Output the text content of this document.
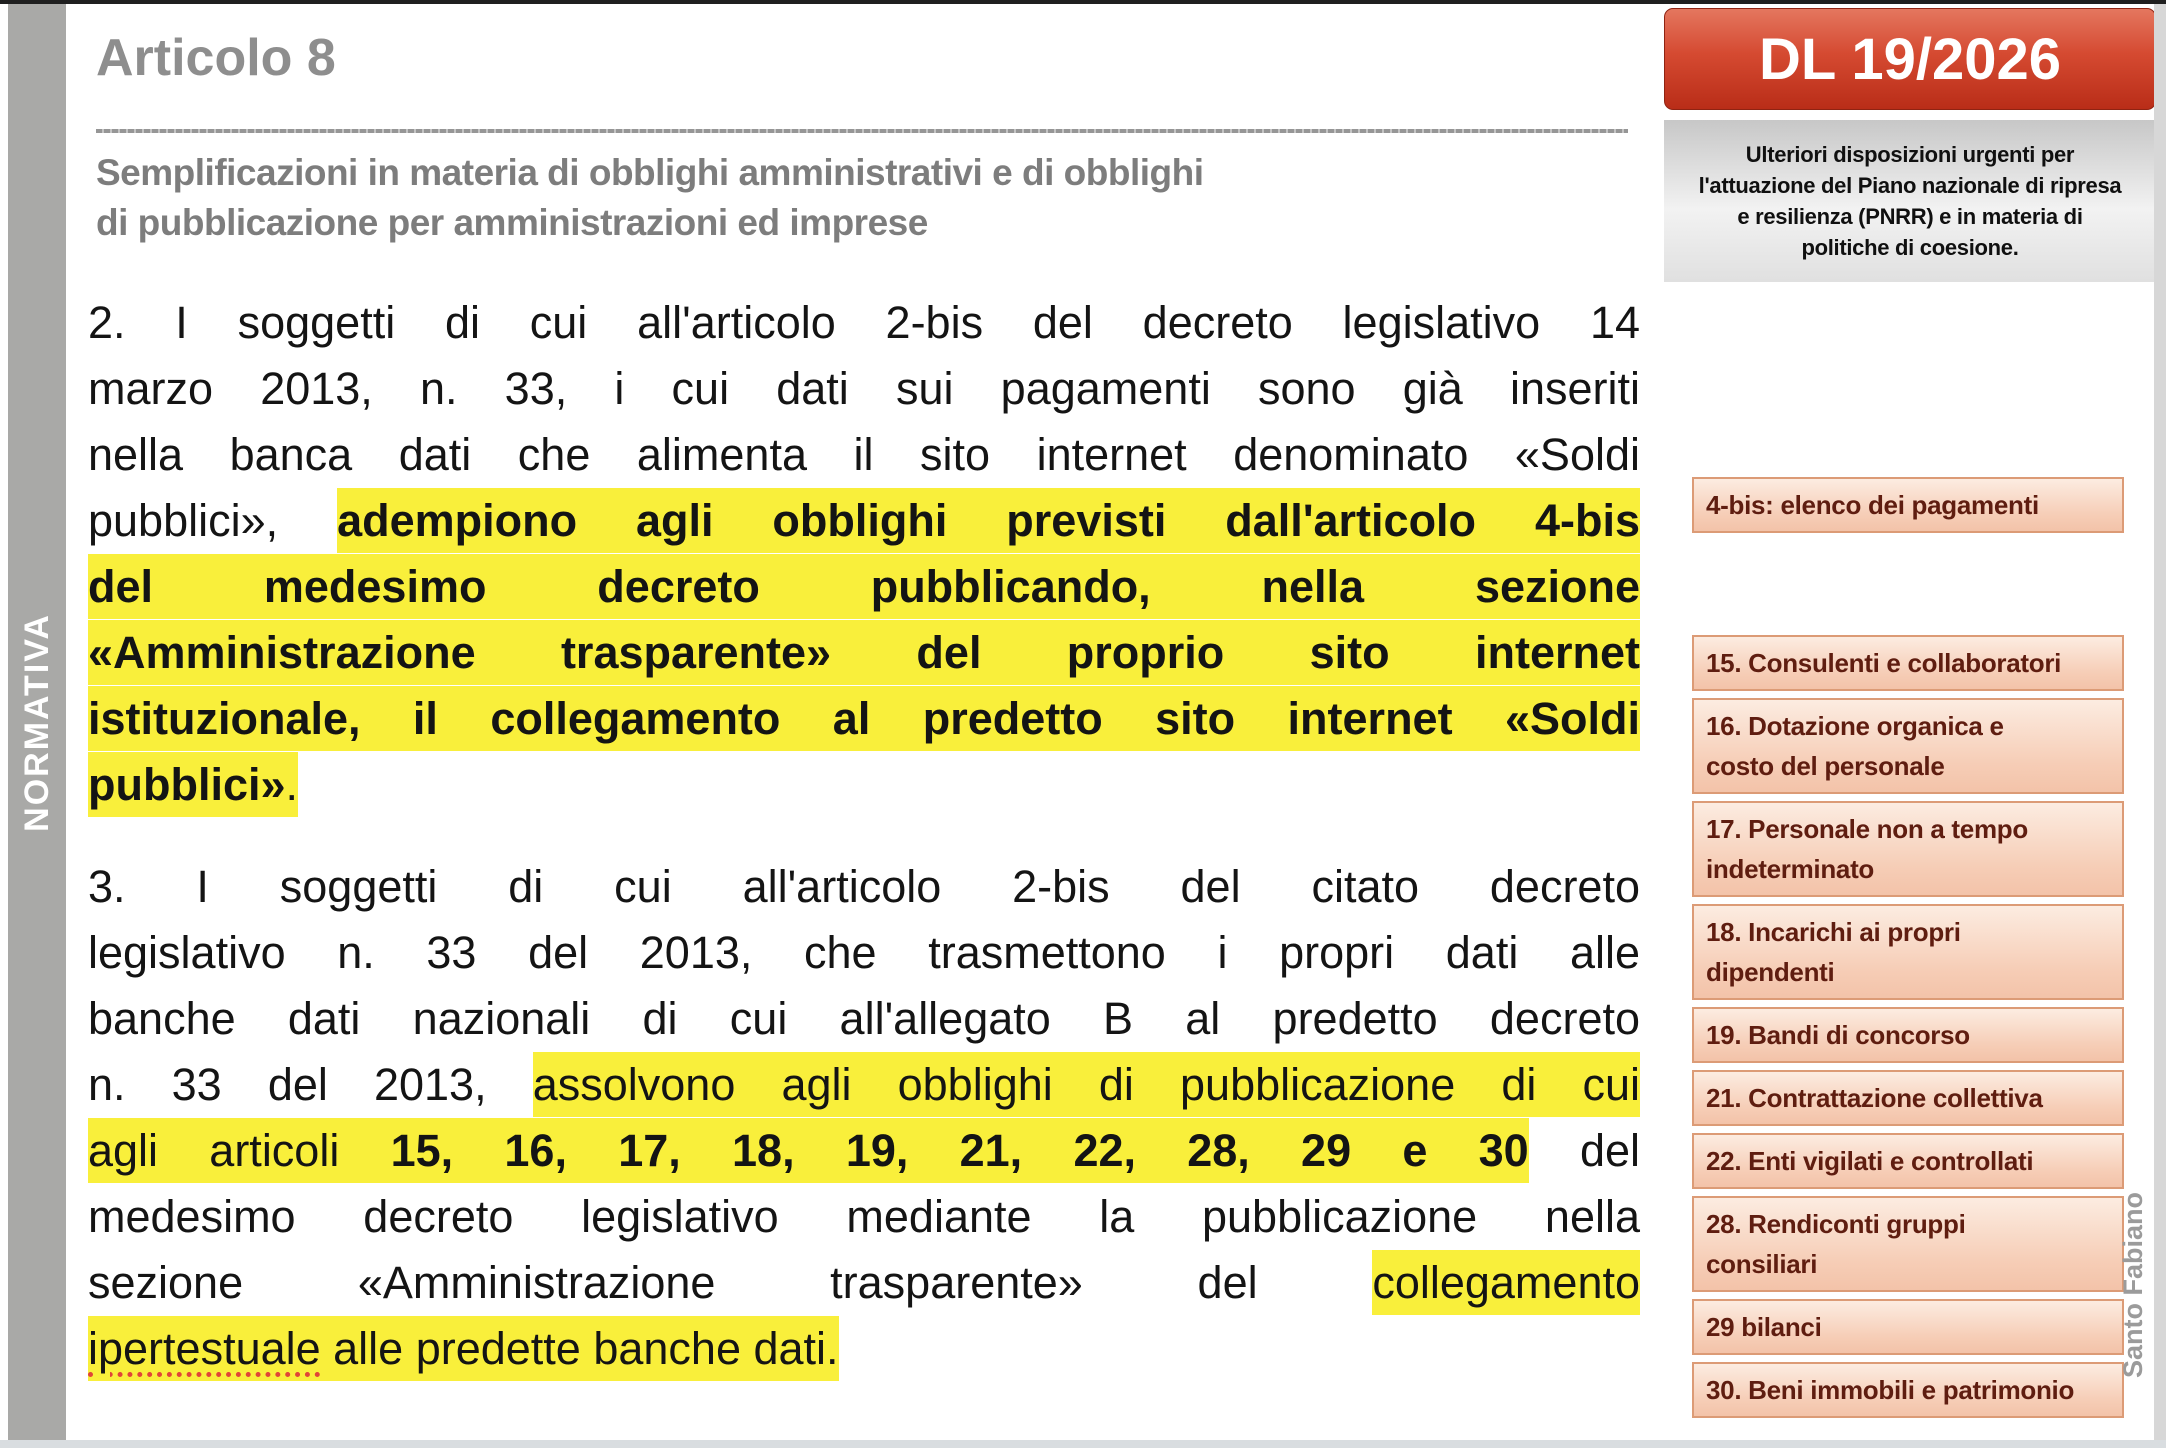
NORMATIVA
Articolo 8
Semplificazioni in materia di obblighi amministrativi e di obblighi
di pubblicazione per amministrazioni ed imprese
2. I soggetti di cui all'articolo 2-bis del decreto legislativo 14
marzo 2013, n. 33, i cui dati sui pagamenti sono già inseriti
nella banca dati che alimenta il sito internet denominato «Soldi
pubblici», adempiono agli obblighi previsti dall'articolo 4-bis
del medesimo decreto pubblicando, nella sezione
«Amministrazione trasparente» del proprio sito internet
istituzionale, il collegamento al predetto sito internet «Soldi
pubblici».
3. I soggetti di cui all'articolo 2-bis del citato decreto
legislativo n. 33 del 2013, che trasmettono i propri dati alle
banche dati nazionali di cui all'allegato B al predetto decreto
n. 33 del 2013, assolvono agli obblighi di pubblicazione di cui
agli articoli 15, 16, 17, 18, 19, 21, 22, 28, 29 e 30 del
medesimo decreto legislativo mediante la pubblicazione nella
sezione «Amministrazione trasparente» del collegamento
ipertestuale alle predette banche dati.
DL 19/2026
Ulteriori disposizioni urgenti per
l'attuazione del Piano nazionale di ripresa
e resilienza (PNRR) e in materia di
politiche di coesione.
4-bis: elenco dei pagamenti
15. Consulenti e collaboratori
16. Dotazione organica e
costo del personale
17. Personale non a tempo
indeterminato
18. Incarichi ai propri
dipendenti
19. Bandi di concorso
21. Contrattazione collettiva
22. Enti vigilati e controllati
28. Rendiconti gruppi
consiliari
29 bilanci
30. Beni immobili e patrimonio
Santo Fabiano
